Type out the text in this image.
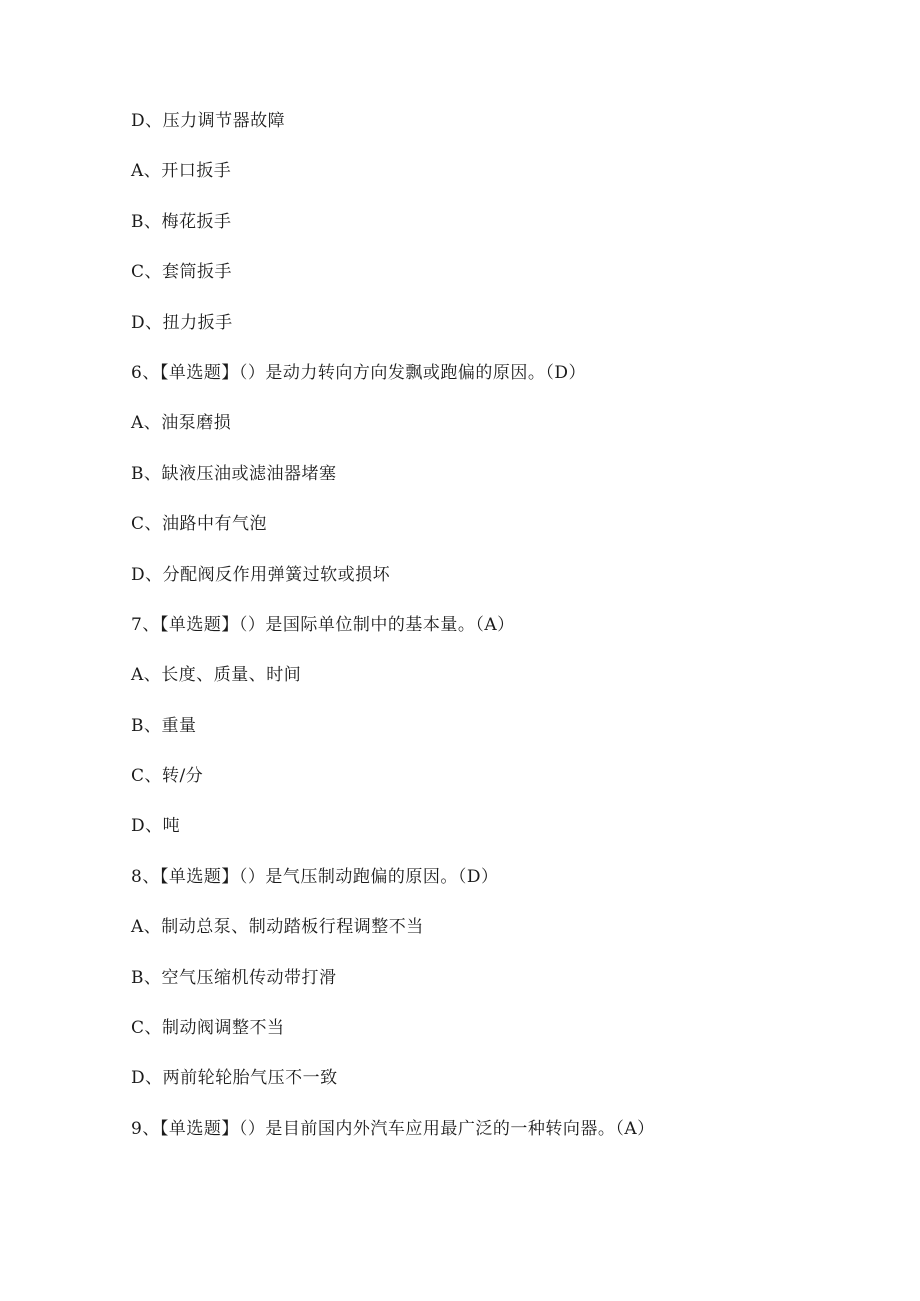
D、压力调节器故障
A、开口扳手
B、梅花扳手
C、套筒扳手
D、扭力扳手
6、【单选题】（）是动力转向方向发飘或跑偏的原因。（D）
A、油泵磨损
B、缺液压油或滤油器堵塞
C、油路中有气泡
D、分配阀反作用弹簧过软或损坏
7、【单选题】（）是国际单位制中的基本量。（A）
A、长度、质量、时间
B、重量
C、转/分
D、吨
8、【单选题】（）是气压制动跑偏的原因。（D）
A、制动总泵、制动踏板行程调整不当
B、空气压缩机传动带打滑
C、制动阀调整不当
D、两前轮轮胎气压不一致
9、【单选题】（）是目前国内外汽车应用最广泛的一种转向器。（A）
